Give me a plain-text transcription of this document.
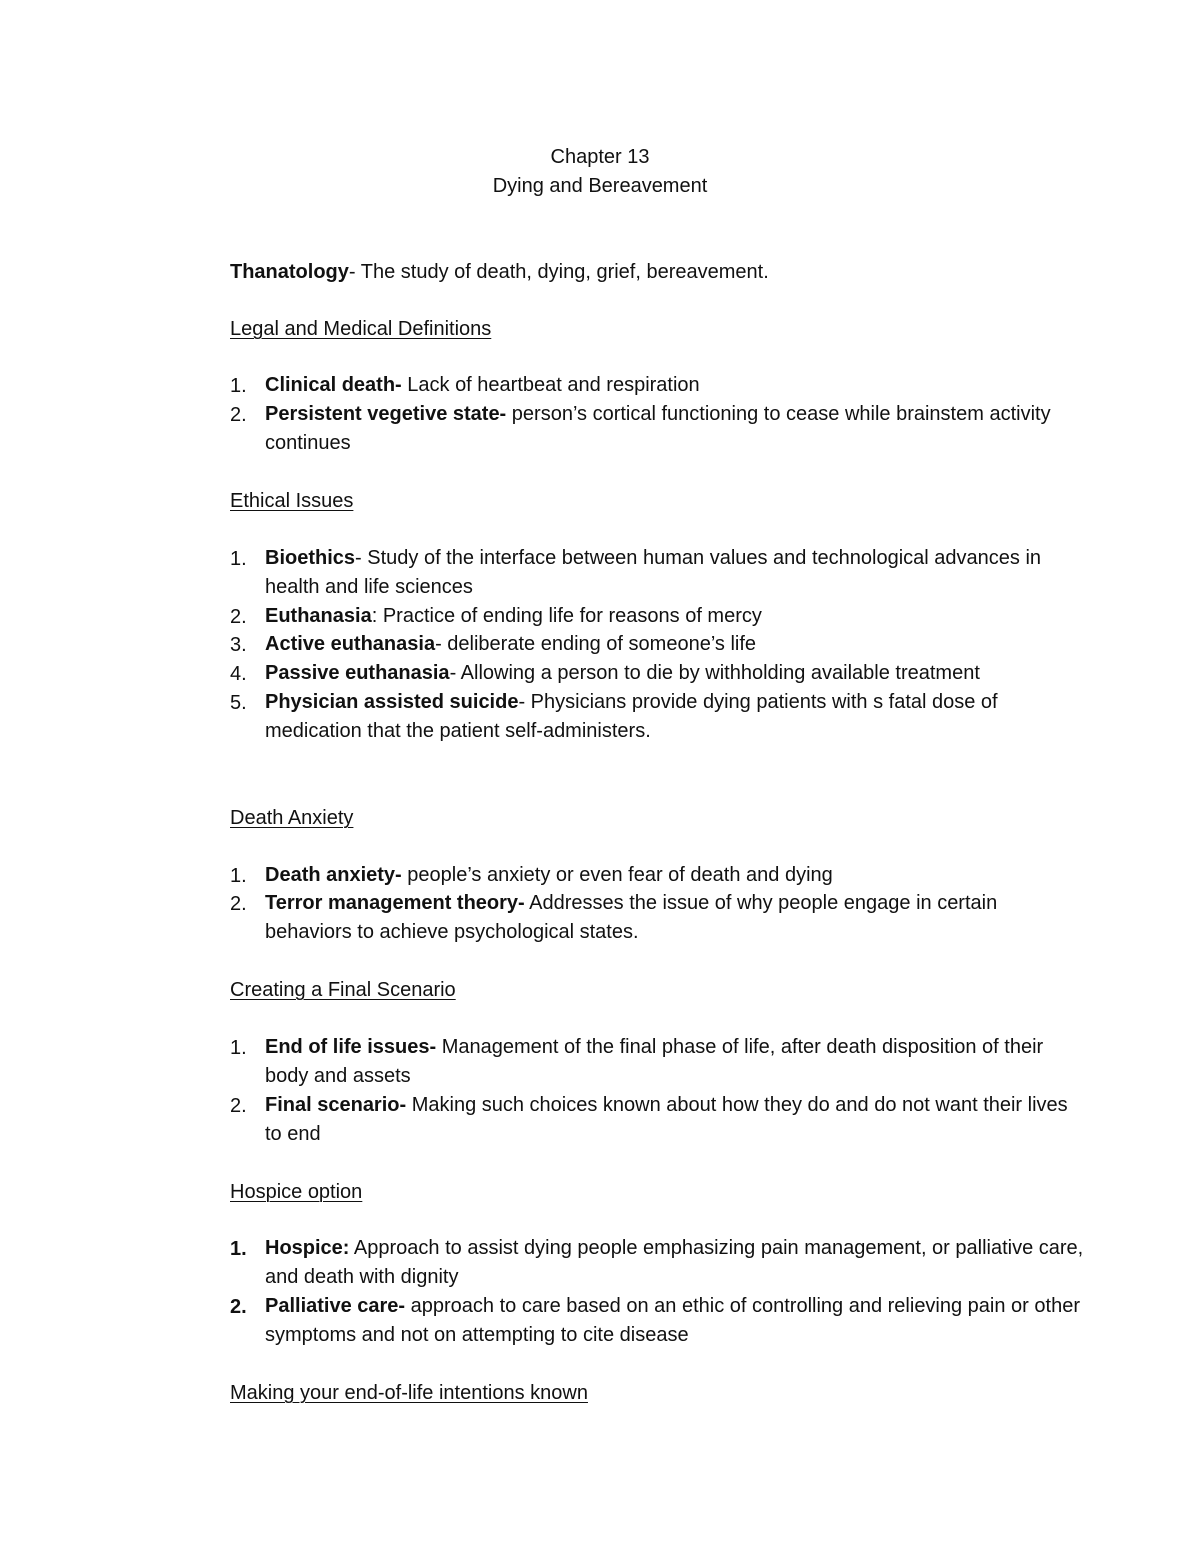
Chapter 13
Dying and Bereavement
Thanatology- The study of death, dying, grief, bereavement.
Legal and Medical Definitions
1. Clinical death- Lack of heartbeat and respiration
2. Persistent vegetive state- person’s cortical functioning to cease while brainstem activity continues
Ethical Issues
1. Bioethics- Study of the interface between human values and technological advances in health and life sciences
2. Euthanasia: Practice of ending life for reasons of mercy
3. Active euthanasia- deliberate ending of someone’s life
4. Passive euthanasia- Allowing a person to die by withholding available treatment
5. Physician assisted suicide- Physicians provide dying patients with s fatal dose of medication that the patient self-administers.
Death Anxiety
1. Death anxiety- people’s anxiety or even fear of death and dying
2. Terror management theory- Addresses the issue of why people engage in certain behaviors to achieve psychological states.
Creating a Final Scenario
1. End of life issues- Management of the final phase of life, after death disposition of their body and assets
2. Final scenario- Making such choices known about how they do and do not want their lives to end
Hospice option
1. Hospice: Approach to assist dying people emphasizing pain management, or palliative care, and death with dignity
2. Palliative care- approach to care based on an ethic of controlling and relieving pain or other symptoms and not on attempting to cite disease
Making your end-of-life intentions known
